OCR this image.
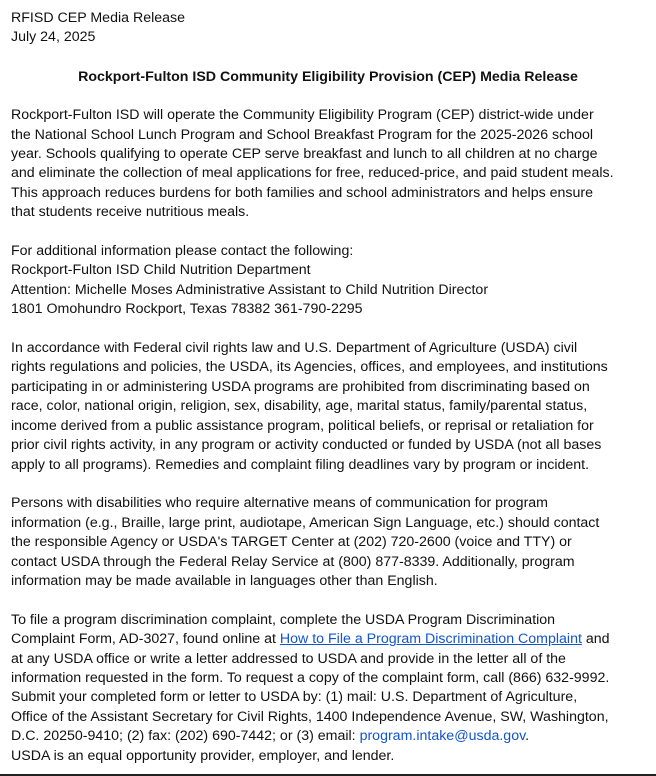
RFISD CEP Media Release
July 24, 2025
Rockport-Fulton ISD Community Eligibility Provision (CEP) Media Release
Rockport-Fulton ISD will operate the Community Eligibility Program (CEP) district-wide under
the National School Lunch Program and School Breakfast Program for the 2025-2026 school
year. Schools qualifying to operate CEP serve breakfast and lunch to all children at no charge
and eliminate the collection of meal applications for free, reduced-price, and paid student meals.
This approach reduces burdens for both families and school administrators and helps ensure
that students receive nutritious meals.
For additional information please contact the following:
Rockport-Fulton ISD Child Nutrition Department
Attention: Michelle Moses Administrative Assistant to Child Nutrition Director
1801 Omohundro Rockport, Texas 78382 361-790-2295
In accordance with Federal civil rights law and U.S. Department of Agriculture (USDA) civil
rights regulations and policies, the USDA, its Agencies, offices, and employees, and institutions
participating in or administering USDA programs are prohibited from discriminating based on
race, color, national origin, religion, sex, disability, age, marital status, family/parental status,
income derived from a public assistance program, political beliefs, or reprisal or retaliation for
prior civil rights activity, in any program or activity conducted or funded by USDA (not all bases
apply to all programs). Remedies and complaint filing deadlines vary by program or incident.
Persons with disabilities who require alternative means of communication for program
information (e.g., Braille, large print, audiotape, American Sign Language, etc.) should contact
the responsible Agency or USDA's TARGET Center at (202) 720-2600 (voice and TTY) or
contact USDA through the Federal Relay Service at (800) 877-8339. Additionally, program
information may be made available in languages other than English.
To file a program discrimination complaint, complete the USDA Program Discrimination
Complaint Form, AD-3027, found online at How to File a Program Discrimination Complaint and
at any USDA office or write a letter addressed to USDA and provide in the letter all of the
information requested in the form. To request a copy of the complaint form, call (866) 632-9992.
Submit your completed form or letter to USDA by: (1) mail: U.S. Department of Agriculture,
Office of the Assistant Secretary for Civil Rights, 1400 Independence Avenue, SW, Washington,
D.C. 20250-9410; (2) fax: (202) 690-7442; or (3) email: program.intake@usda.gov.
USDA is an equal opportunity provider, employer, and lender.
